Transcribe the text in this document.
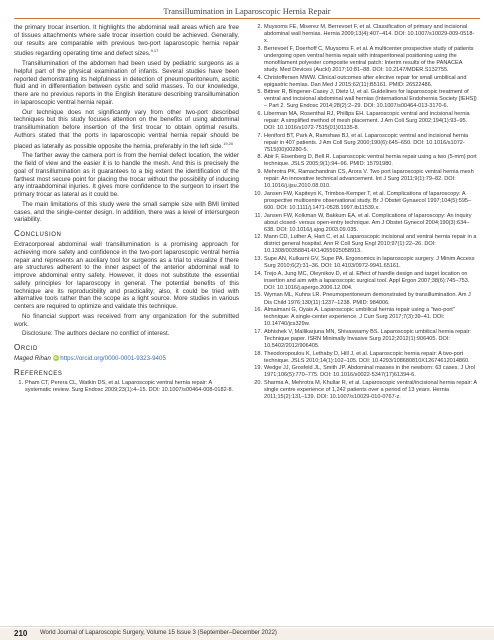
Transillumination in Laparoscopic Hernia Repair

the primary trocar insertion. It highlights the abdominal wall areas which are free of tissues attachments where safe trocar insertion could be achieved. Generally, our results are comparable with previous two-port laparoscopic hernia repair studies regarding operating time and defect sizes.$^{9,17}$

Transillumination of the abdomen had been used by pediatric surgeons as a helpful part of the physical examination of infants. Several studies have been reported demonstrating its helpfulness in detection of pneumoperitoneum, ascitic fluid and in differentiation between cystic and solid masses. To our knowledge, there are no previous reports in the English literature describing transillumination in laparoscopic ventral hernia repair.

Our technique does not significantly vary from other two-port described techniques but this study focuses attention on the benefits of using abdominal transillumination before insertion of the first trocar to obtain optimal results. Authors stated that the ports in laparoscopic ventral hernia repair should be placed as laterally as possible opposite the hernia, preferably in the left side.$^{19,20}$

The farther away the camera port is from the hernial defect location, the wider the field of view and the easier it is to handle the mesh. And this is precisely the goal of transillumination as it guarantees to a big extent the identification of the farthest most secure point for placing the trocar without the possibility of inducing any intraabdominal injuries. It gives more confidence to the surgeon to insert the primary trocar as lateral as it could be.

The main limitations of this study were the small sample size with BMI limited cases, and the single-center design. In addition, there was a level of intersurgeon variability.

Conclusion

Extracorporeal abdominal wall transillumination is a promising approach for achieving more safety and confidence in the two-port laparoscopic ventral hernia repair and represents an auxiliary tool for surgeons as a trial to visualize if there are structures adherent to the inner aspect of the anterior abdominal wall to improve abdominal entry safety. However, it does not substitute the essential safety principles for laparoscopy in general. The potential benefits of this technique are its reproducibility and practicality; also, it could be tried with alternative tools rather than the scope as a light source. More studies in various centers are required to optimize and validate this technique.

No financial support was received from any organization for the submitted work.

Disclosure: The authors declare no conflict of interest.

Orcid
Maged Rihan iD https://orcid.org/0000-0001-9323-9405
References
1. Pham CT, Perera CL, Watkin DS, et al. Laparoscopic ventral hernia repair: A systematic review. Surg Endosc 2009;23(1):4–15. DOI: 10.1007/s00464-008-0182-8.
2. Muysoms FE, Miserez M, Berrevoet F, et al. Classification of primary and incisional abdominal wall hernias. Hernia 2009;13(4):407–414. DOI: 10.1007/s10029-009-0518-x.
3. Berrevoet F, Doerhoff C, Muysoms F, et al. A multicenter prospective study of patients undergoing open ventral hernia repair with intraperitoneal positioning using the monofilament polyester composite ventral patch: Interim results of the PANACEA study. Med Devices (Auckl) 2017;10:81–88. DOI: 10.2147/MDER.S132755.
4. Christoffersen MWW. Clinical outcomes after elective repair for small umbilical and epigastric hernias. Dan Med J 2015;62(11):B5161. PMID: 26522486.
5. Bittner R, Bingener-Casey J, Dietz U, et al. Guidelines for laparoscopic treatment of ventral and incisional abdominal wall hernias (International Endohernia Society [IEHS]) – Part 2. Surg Endosc 2014;28(2):2–29. DOI: 10.1007/s00464-013-3170-6.
6. Liberman MA, Rosenthal RJ, Phillips EH. Laparoscopic ventral and incisional hernia repair: A simplified method of mesh placement. J Am Coll Surg 2002;194(1):93–95. DOI: 10.1016/s1072-7515(01)01135-8.
7. Heniford BT, Park A, Ramshaw BJ, et al. Laparoscopic ventral and incisional hernia repair in 407 patients. J Am Coll Surg 2000;190(6):645–650. DOI: 10.1016/s1072-7515(00)00280-5.
8. Abir F, Eisenberg D, Bell R. Laparoscopic ventral hernia repair using a two (5-mm) port technique. JSLS 2005;9(1):94–96. PMID: 15791980.
9. Mehrotra PK, Ramachandran CS, Arora V. Two port laparoscopic ventral hernia mesh repair: An innovative technical advancement. Int J Surg 2011;9(1):79–82. DOI: 10.1016/j.ijsu.2010.08.010.
10. Jansen FW, Kapiteyn K, Trimbos-Kemper T, et al. Complications of laparoscopy: A prospective multicentre observational study. Br J Obstet Gynaecol 1997;104(5):595–600. DOI: 10.1111/j.1471-0528.1997.tb11539.x.
11. Jansen FW, Kolkman W, Bakkum EA, et al. Complications of laparoscopy: An inquiry about closed- versus open-entry technique. Am J Obstet Gynecol 2004;190(3):634–638. DOI: 10.1016/j.ajog.2003.09.035.
12. Mann CD, Luther A, Hart C, et al. Laparoscopic incisional and ventral hernia repair in a district general hospital. Ann R Coll Surg Engl 2010;97(1):22–26. DOI: 10.1308/003588414X14055925058913.
13. Supe AN, Kulkarni GV, Supe PA. Ergonomics in laparoscopic surgery. J Minim Access Surg 2010;6(2):31–36. DOI: 10.4103/0972-9941.65161.
14. Trejo A, Jung MC, Oleynikov D, et al. Effect of handle design and target location on insertion and aim with a laparoscopic surgical tool. Appl Ergon 2007;38(6):745–753. DOI: 10.1016/j.apergo.2006.12.004.
15. Wyman ML, Kuhns LR. Pneumoperitoneum demonstrated by transillumination. Am J Dis Child 1976;130(11):1237–1238. PMID: 984006.
16. Almaimani G, Oyais A. Laparoscopic umbilical hernia repair using a "two-port" technique: A single-center experience. J Curr Surg 2017;7(3):39–41. DOI: 10.14740/jcs329w.
17. Abhishek V, Mallikarjuna MN, Shivaswamy BS. Laparoscopic umbilical hernia repair: Technique paper. ISRN Minimally Invasive Surg 2012;2012(1):906405. DOI: 10.5402/2012/906405.
18. Theodoropoulou K, Lethaby D, Hill J, et al. Laparoscopic hernia repair: A two-port technique. JSLS 2010;14(1):102–105. DOI: 10.4293/108680810X12674612014860.
19. Wedge JJ, Grosfeld JL, Smith JP. Abdominal masses in the newborn: 63 cases. J Urol 1971;106(5):770–775. DOI: 10.1016/s0022-5347(17)61394-6.
20. Sharma A, Mehrotra M, Khullar R, et al. Laparoscopic ventral/incisional hernia repair: A single centre experience of 1,242 patients over a period of 13 years. Hernia 2011;15(2):131–139. DOI: 10.1007/s10029-010-0767-z.
210 World Journal of Laparoscopic Surgery, Volume 15 Issue 3 (September–December 2022)
